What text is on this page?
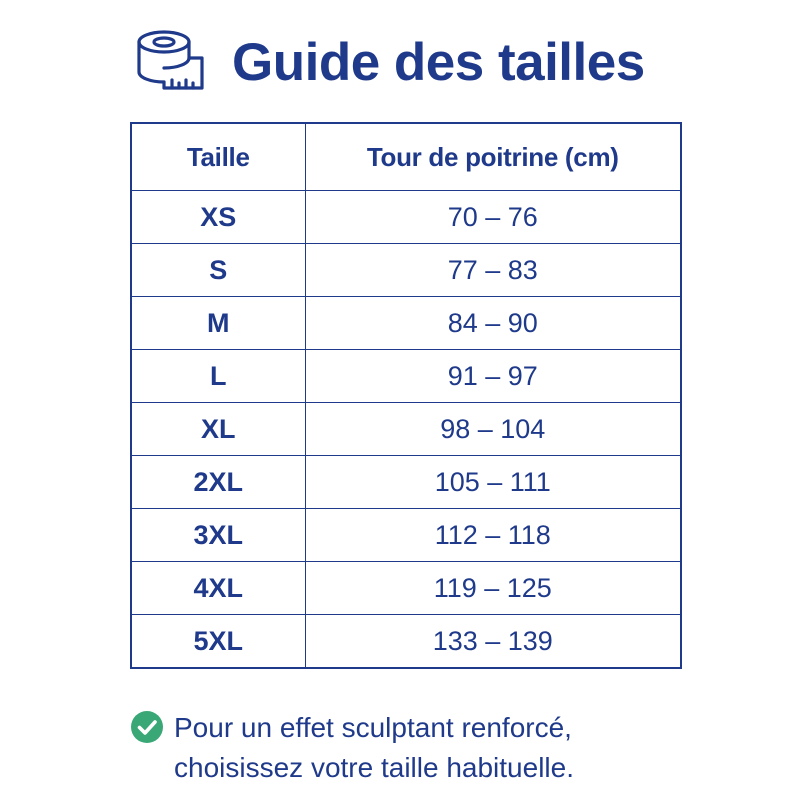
Guide des tailles
Taille	Tour de poitrine (cm)
XS	70 – 76
S	77 – 83
M	84 – 90
L	91 – 97
XL	98 – 104
2XL	105 – 111
3XL	112 – 118
4XL	119 – 125
5XL	133 – 139
Pour un effet sculptant renforcé,
choisissez votre taille habituelle.
